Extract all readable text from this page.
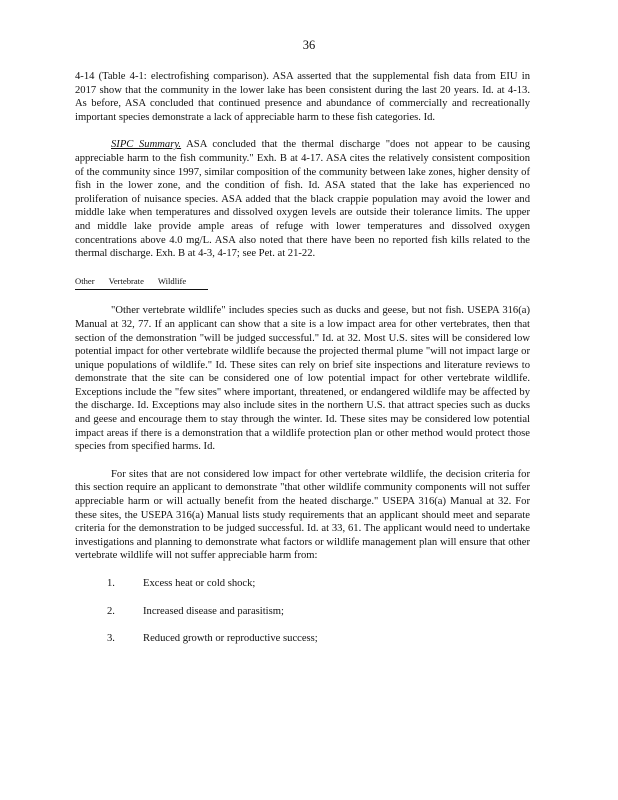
36

4-14 (Table 4-1: electrofishing comparison). ASA asserted that the supplemental fish data from EIU in 2017 show that the community in the lower lake has been consistent during the last 20 years. Id. at 4-13. As before, ASA concluded that continued presence and abundance of commercially and recreationally important species demonstrate a lack of appreciable harm to these fish categories. Id.

SIPC Summary. ASA concluded that the thermal discharge "does not appear to be causing appreciable harm to the fish community." Exh. B at 4-17. ASA cites the relatively consistent composition of the community since 1997, similar composition of the community between lake zones, higher density of fish in the lower zone, and the condition of fish. Id. ASA stated that the lake has experienced no proliferation of nuisance species. ASA added that the black crappie population may avoid the lower and middle lake when temperatures and dissolved oxygen levels are outside their tolerance limits. The upper and middle lake provide ample areas of refuge with lower temperatures and dissolved oxygen concentrations above 4.0 mg/L. ASA also noted that there have been no reported fish kills related to the thermal discharge. Exh. B at 4-3, 4-17; see Pet. at 21-22.

Other Vertebrate Wildlife

"Other vertebrate wildlife" includes species such as ducks and geese, but not fish. USEPA 316(a) Manual at 32, 77. If an applicant can show that a site is a low impact area for other vertebrates, then that section of the demonstration "will be judged successful." Id. at 32. Most U.S. sites will be considered low potential impact for other vertebrate wildlife because the projected thermal plume "will not impact large or unique populations of wildlife." Id. These sites can rely on brief site inspections and literature reviews to demonstrate that the site can be considered one of low potential impact for other vertebrate wildlife. Exceptions include the "few sites" where important, threatened, or endangered wildlife may be affected by the discharge. Id. Exceptions may also include sites in the northern U.S. that attract species such as ducks and geese and encourage them to stay through the winter. Id. These sites may be considered low potential impact areas if there is a demonstration that a wildlife protection plan or other method would protect those species from specified harms. Id.

For sites that are not considered low impact for other vertebrate wildlife, the decision criteria for this section require an applicant to demonstrate "that other wildlife community components will not suffer appreciable harm or will actually benefit from the heated discharge." USEPA 316(a) Manual at 32. For these sites, the USEPA 316(a) Manual lists study requirements that an applicant should meet and separate criteria for the demonstration to be judged successful. Id. at 33, 61. The applicant would need to undertake investigations and planning to demonstrate what factors or wildlife management plan will ensure that other vertebrate wildlife will not suffer appreciable harm from:

1.	Excess heat or cold shock;
2.	Increased disease and parasitism;
3.	Reduced growth or reproductive success;
